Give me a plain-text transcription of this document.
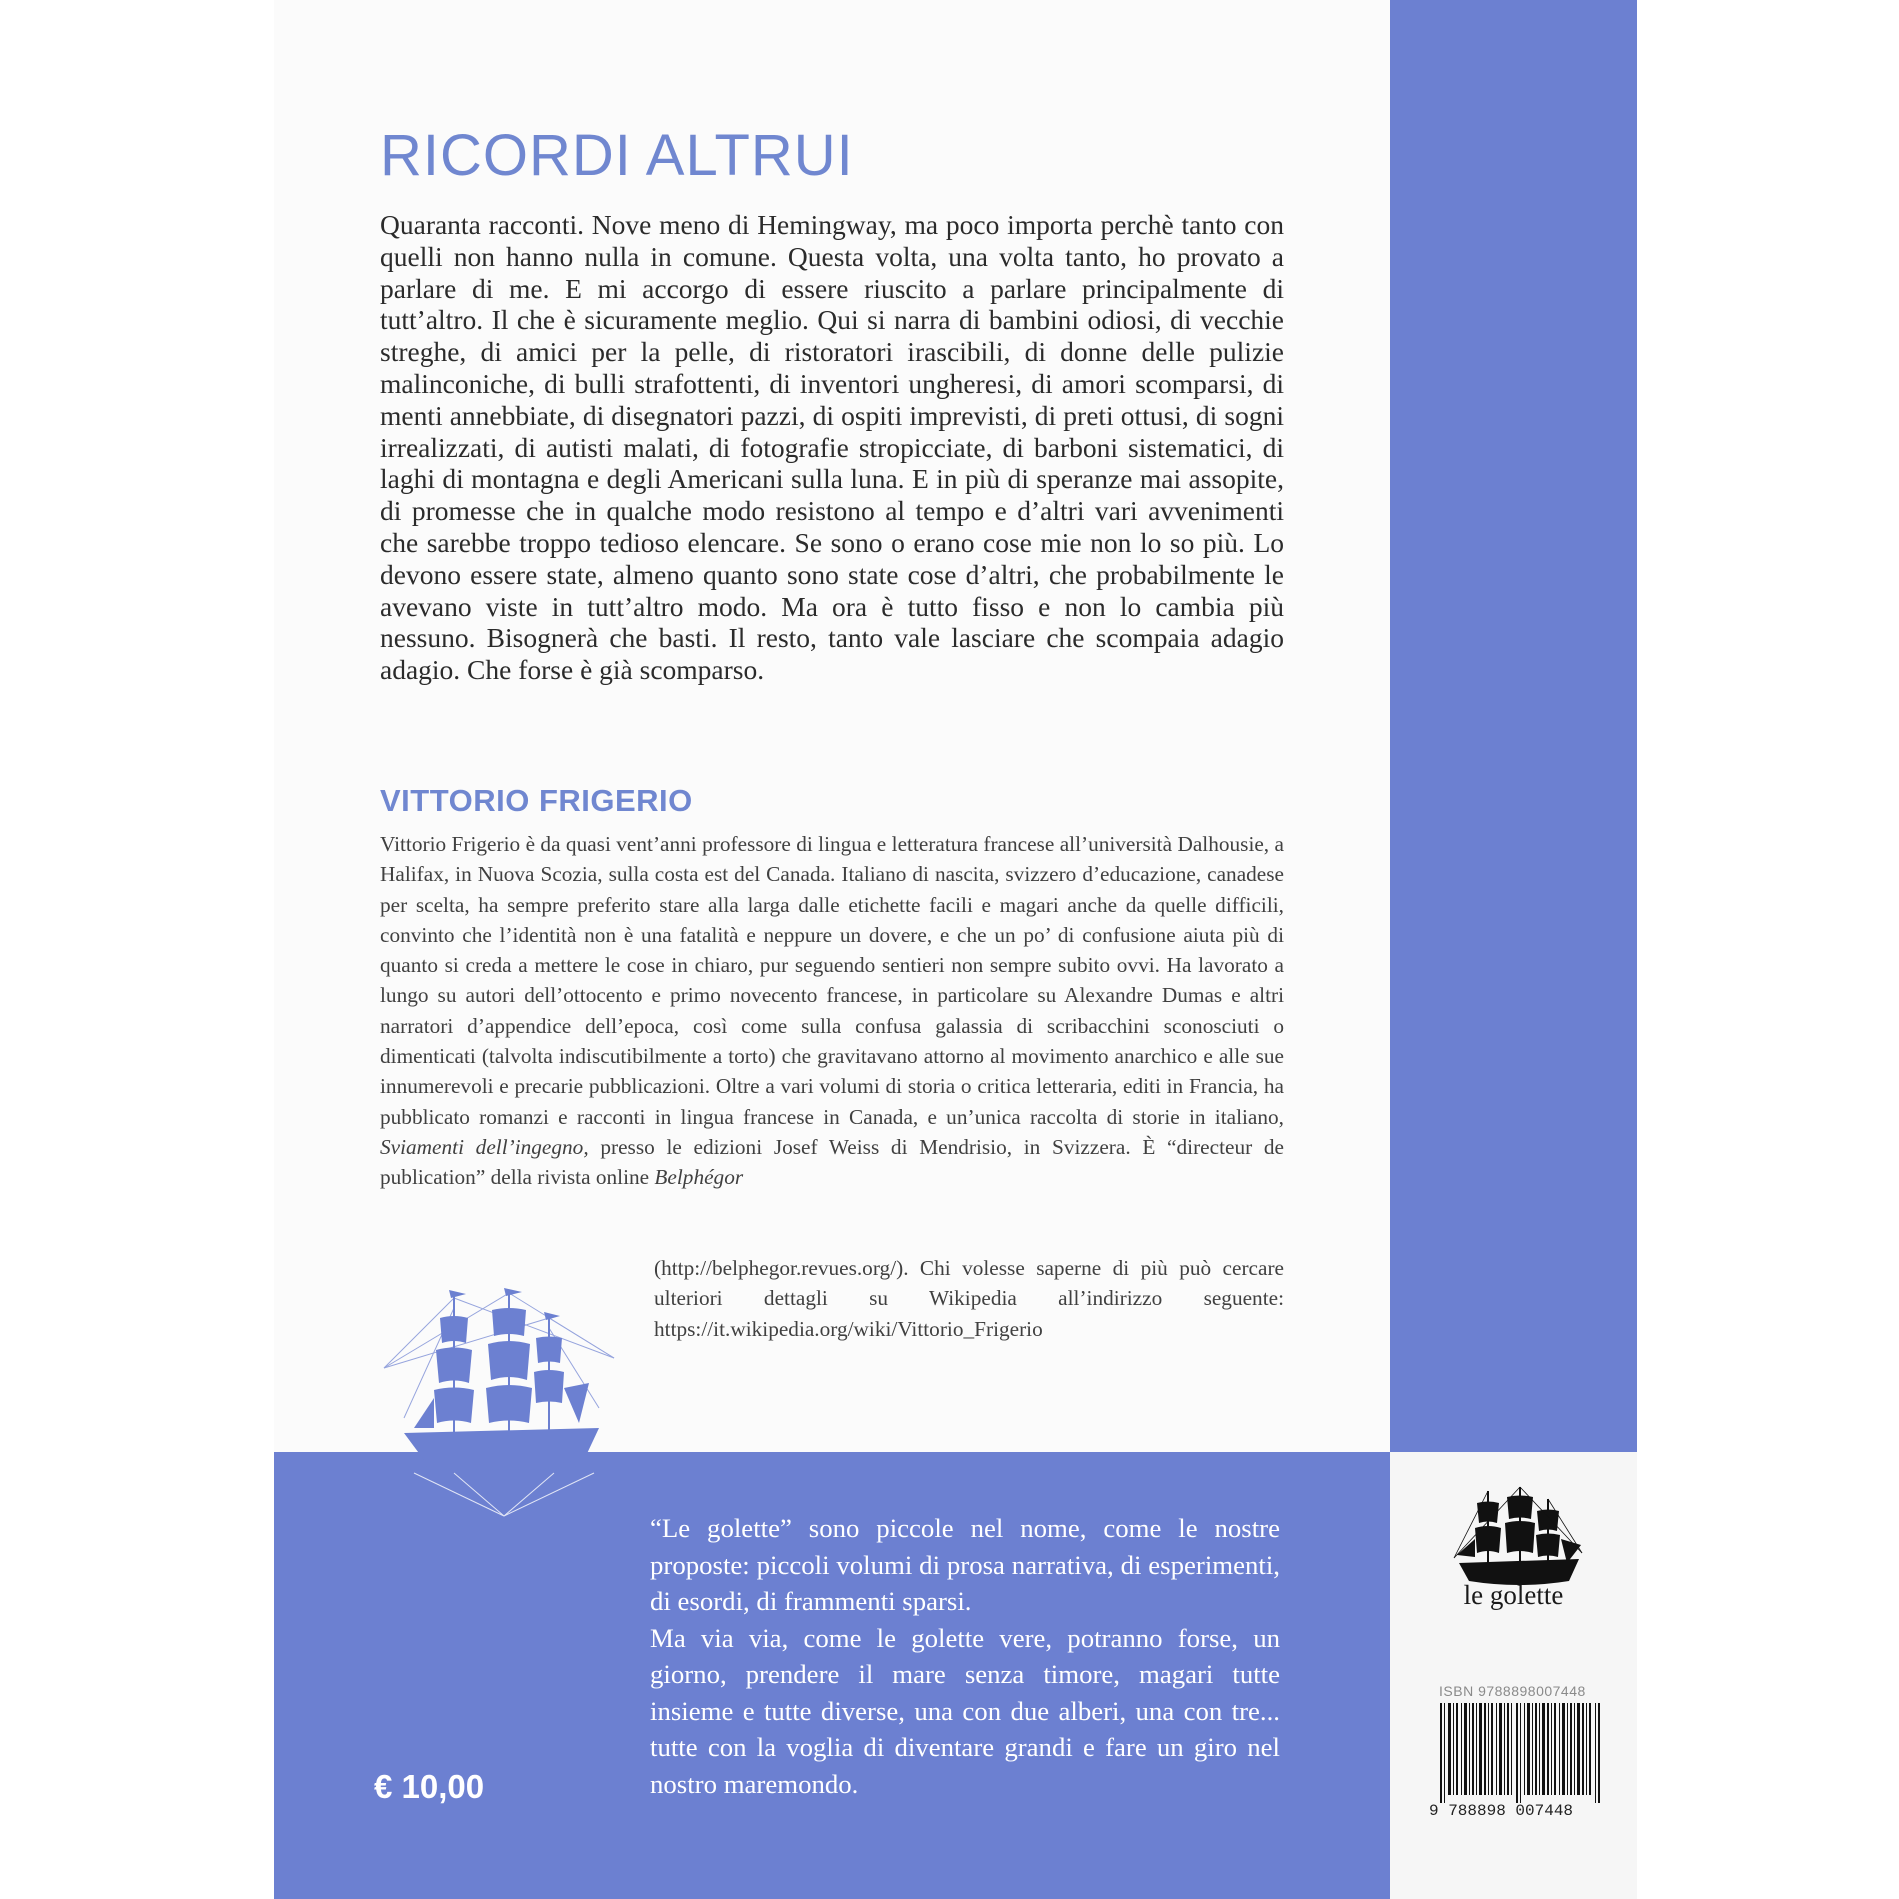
RICORDI ALTRUI

Quaranta racconti. Nove meno di Hemingway, ma poco importa perchè tanto con quelli non hanno nulla in comune. Questa volta, una volta tanto, ho provato a parlare di me. E mi accorgo di essere riuscito a parlare principalmente di tutt’altro. Il che è sicuramente meglio. Qui si narra di bambini odiosi, di vecchie streghe, di amici per la pelle, di ristoratori irascibili, di donne delle pulizie malinconiche, di bulli strafottenti, di inventori ungheresi, di amori scomparsi, di menti annebbiate, di disegnatori pazzi, di ospiti imprevisti, di preti ottusi, di sogni irrealizzati, di autisti malati, di fotografie stropicciate, di barboni sistematici, di laghi di montagna e degli Americani sulla luna. E in più di speranze mai assopite, di promesse che in qualche modo resistono al tempo e d’altri vari avvenimenti che sarebbe troppo tedioso elencare. Se sono o erano cose mie non lo so più. Lo devono essere state, almeno quanto sono state cose d’altri, che probabilmente le avevano viste in tutt’altro modo. Ma ora è tutto fisso e non lo cambia più nessuno. Bisognerà che basti. Il resto, tanto vale lasciare che scompaia adagio adagio. Che forse è già scomparso.

VITTORIO FRIGERIO

Vittorio Frigerio è da quasi vent’anni professore di lingua e letteratura francese all’università Dalhousie, a Halifax, in Nuova Scozia, sulla costa est del Canada. Italiano di nascita, svizzero d’educazione, canadese per scelta, ha sempre preferito stare alla larga dalle etichette facili e magari anche da quelle difficili, convinto che l’identità non è una fatalità e neppure un dovere, e che un po’ di confusione aiuta più di quanto si creda a mettere le cose in chiaro, pur seguendo sentieri non sempre subito ovvi. Ha lavorato a lungo su autori dell’ottocento e primo novecento francese, in particolare su Alexandre Dumas e altri narratori d’appendice dell’epoca, così come sulla confusa galassia di scribacchini sconosciuti o dimenticati (talvolta indiscutibilmente a torto) che gravitavano attorno al movimento anarchico e alle sue innumerevoli e precarie pubblicazioni. Oltre a vari volumi di storia o critica letteraria, editi in Francia, ha pubblicato romanzi e racconti in lingua francese in Canada, e un’unica raccolta di storie in italiano, Sviamenti dell’ingegno, presso le edizioni Josef Weiss di Mendrisio, in Svizzera. È “directeur de publication” della rivista online Belphégor

(http://belphegor.revues.org/). Chi volesse saperne di più può cercare ulteriori dettagli su Wikipedia all’indirizzo seguente: https://it.wikipedia.org/wiki/Vittorio_Frigerio

“Le golette” sono piccole nel nome, come le nostre proposte: piccoli volumi di prosa narrativa, di esperimenti, di esordi, di frammenti sparsi.
Ma via via, come le golette vere, potranno forse, un giorno, prendere il mare senza timore, magari tutte insieme e tutte diverse, una con due alberi, una con tre... tutte con la voglia di diventare grandi e fare un giro nel nostro maremondo.

€ 10,00

le golette

ISBN 9788898007448

9 788898 007448
